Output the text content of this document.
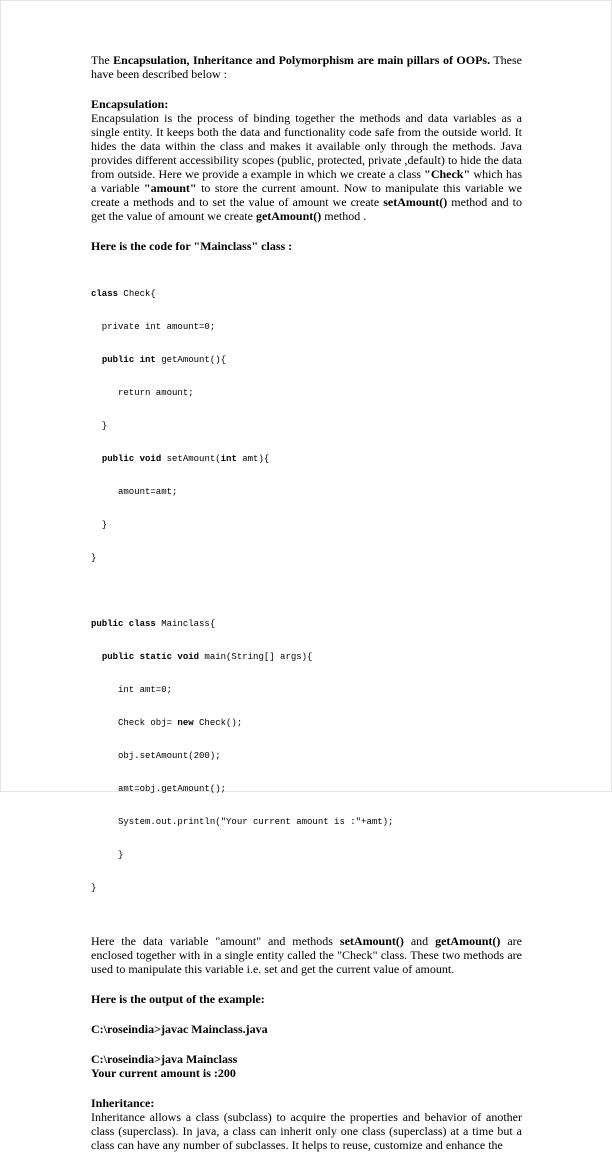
The Encapsulation, Inheritance and Polymorphism are main pillars of OOPs. These have been described below :

Encapsulation:

Encapsulation is the process of binding together the methods and data variables as a single entity. It keeps both the data and functionality code safe from the outside world. It hides the data within the class and makes it available only through the methods. Java provides different accessibility scopes (public, protected, private ,default) to hide the data from outside. Here we provide a example in which we create a class "Check" which has a variable "amount" to store the current amount. Now to manipulate this variable we create a methods and to set the value of amount we create setAmount() method and to get the value of amount we create getAmount() method .

Here is the code for "Mainclass" class :

class Check{

private int amount=0;

public int getAmount(){

return amount;

}

public void setAmount(int amt){

amount=amt;

}

}

public class Mainclass{

public static void main(String[] args){

int amt=0;

Check obj= new Check();

obj.setAmount(200);

amt=obj.getAmount();

System.out.println("Your current amount is :"+amt);

}

}

Here the data variable "amount" and methods setAmount() and getAmount() are enclosed together with in a single entity called the "Check" class. These two methods are used to manipulate this variable i.e. set and get the current value of amount.

Here is the output of the example:

C:\roseindia>javac Mainclass.java

C:\roseindia>java Mainclass

Your current amount is :200

Inheritance:

Inheritance allows a class (subclass) to acquire the properties and behavior of another class (superclass). In java, a class can inherit only one class (superclass) at a time but a class can have any number of subclasses. It helps to reuse, customize and enhance the
